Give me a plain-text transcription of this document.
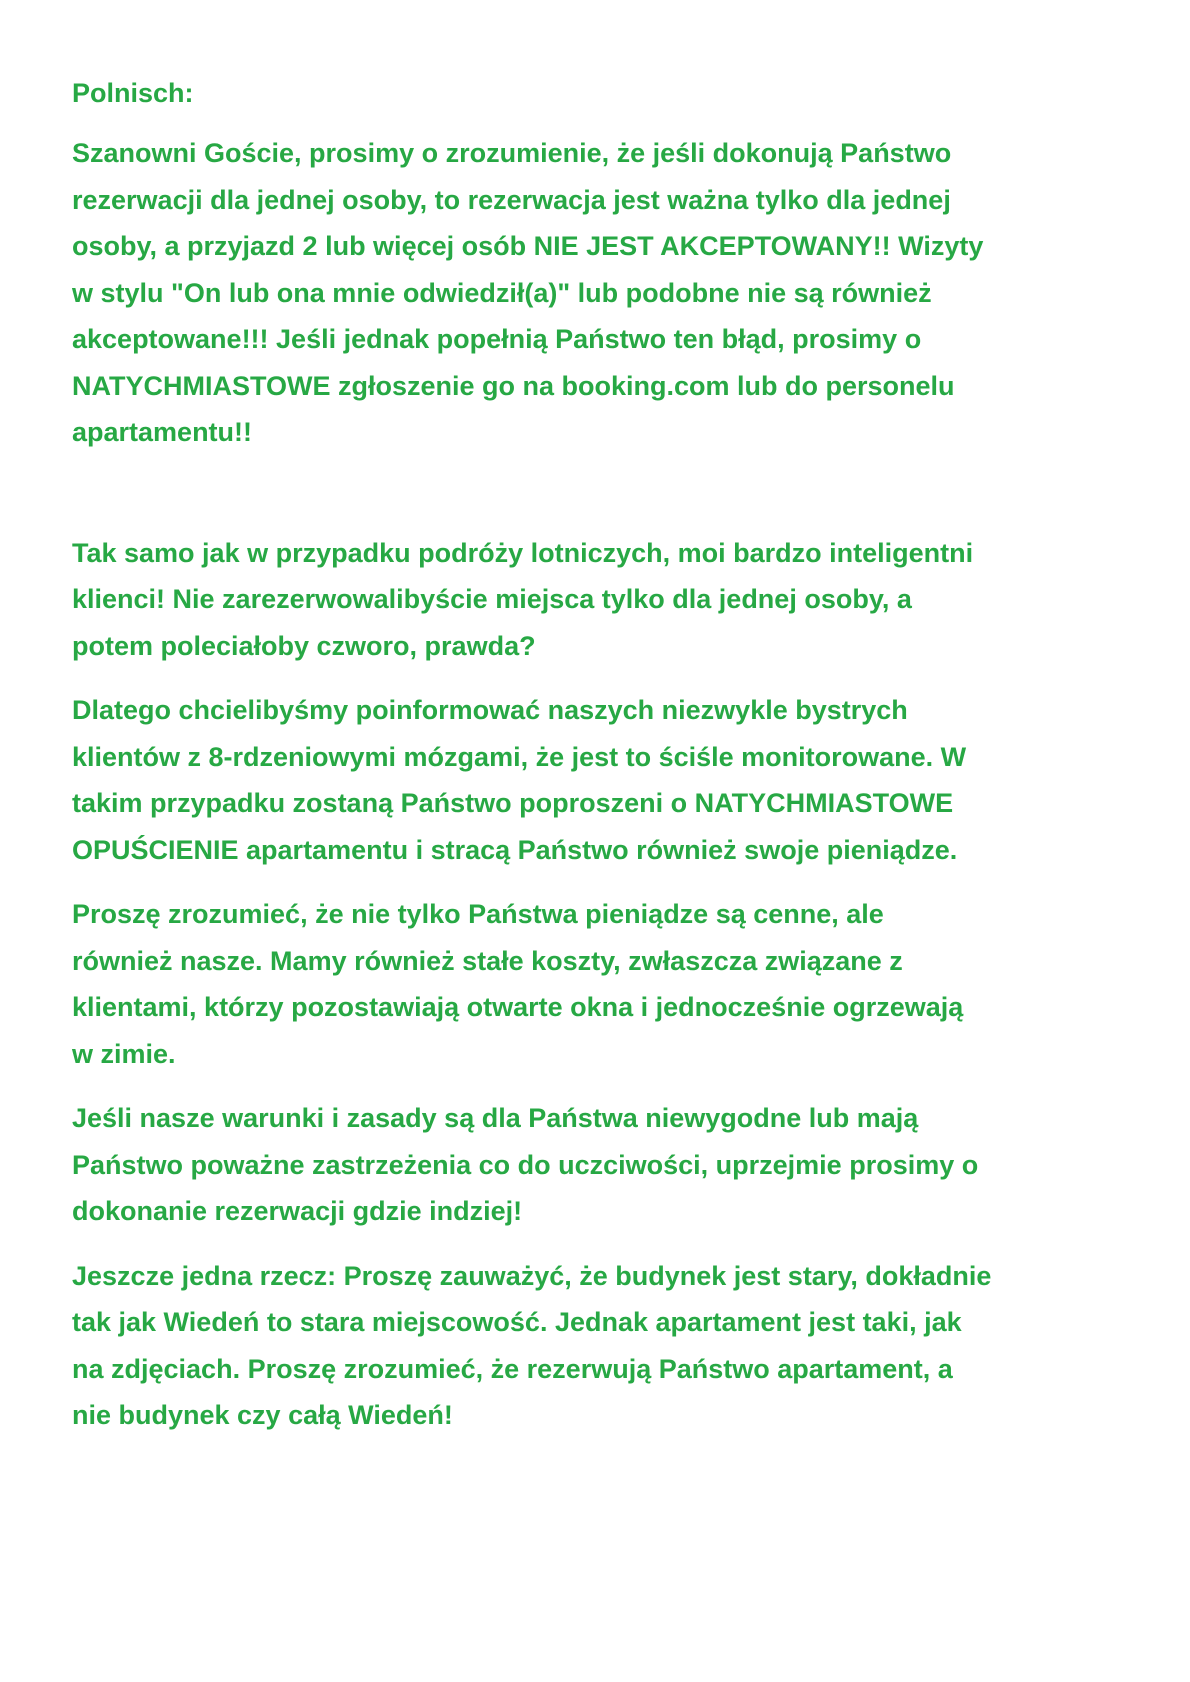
Polnisch:
Szanowni Goście, prosimy o zrozumienie, że jeśli dokonują Państwo
rezerwacji dla jednej osoby, to rezerwacja jest ważna tylko dla jednej
osoby, a przyjazd 2 lub więcej osób NIE JEST AKCEPTOWANY!! Wizyty
w stylu "On lub ona mnie odwiedził(a)" lub podobne nie są również
akceptowane!!! Jeśli jednak popełnią Państwo ten błąd, prosimy o
NATYCHMIASTOWE zgłoszenie go na booking.com lub do personelu
apartamentu!!
Tak samo jak w przypadku podróży lotniczych, moi bardzo inteligentni
klienci! Nie zarezerwowalibyście miejsca tylko dla jednej osoby, a
potem poleciałoby czworo, prawda?
Dlatego chcielibyśmy poinformować naszych niezwykle bystrych
klientów z 8-rdzeniowymi mózgami, że jest to ściśle monitorowane. W
takim przypadku zostaną Państwo poproszeni o NATYCHMIASTOWE
OPUŚCIENIE apartamentu i stracą Państwo również swoje pieniądze.
Proszę zrozumieć, że nie tylko Państwa pieniądze są cenne, ale
również nasze. Mamy również stałe koszty, zwłaszcza związane z
klientami, którzy pozostawiają otwarte okna i jednocześnie ogrzewają
w zimie.
Jeśli nasze warunki i zasady są dla Państwa niewygodne lub mają
Państwo poważne zastrzeżenia co do uczciwości, uprzejmie prosimy o
dokonanie rezerwacji gdzie indziej!
Jeszcze jedna rzecz: Proszę zauważyć, że budynek jest stary, dokładnie
tak jak Wiedeń to stara miejscowość. Jednak apartament jest taki, jak
na zdjęciach. Proszę zrozumieć, że rezerwują Państwo apartament, a
nie budynek czy całą Wiedeń!
